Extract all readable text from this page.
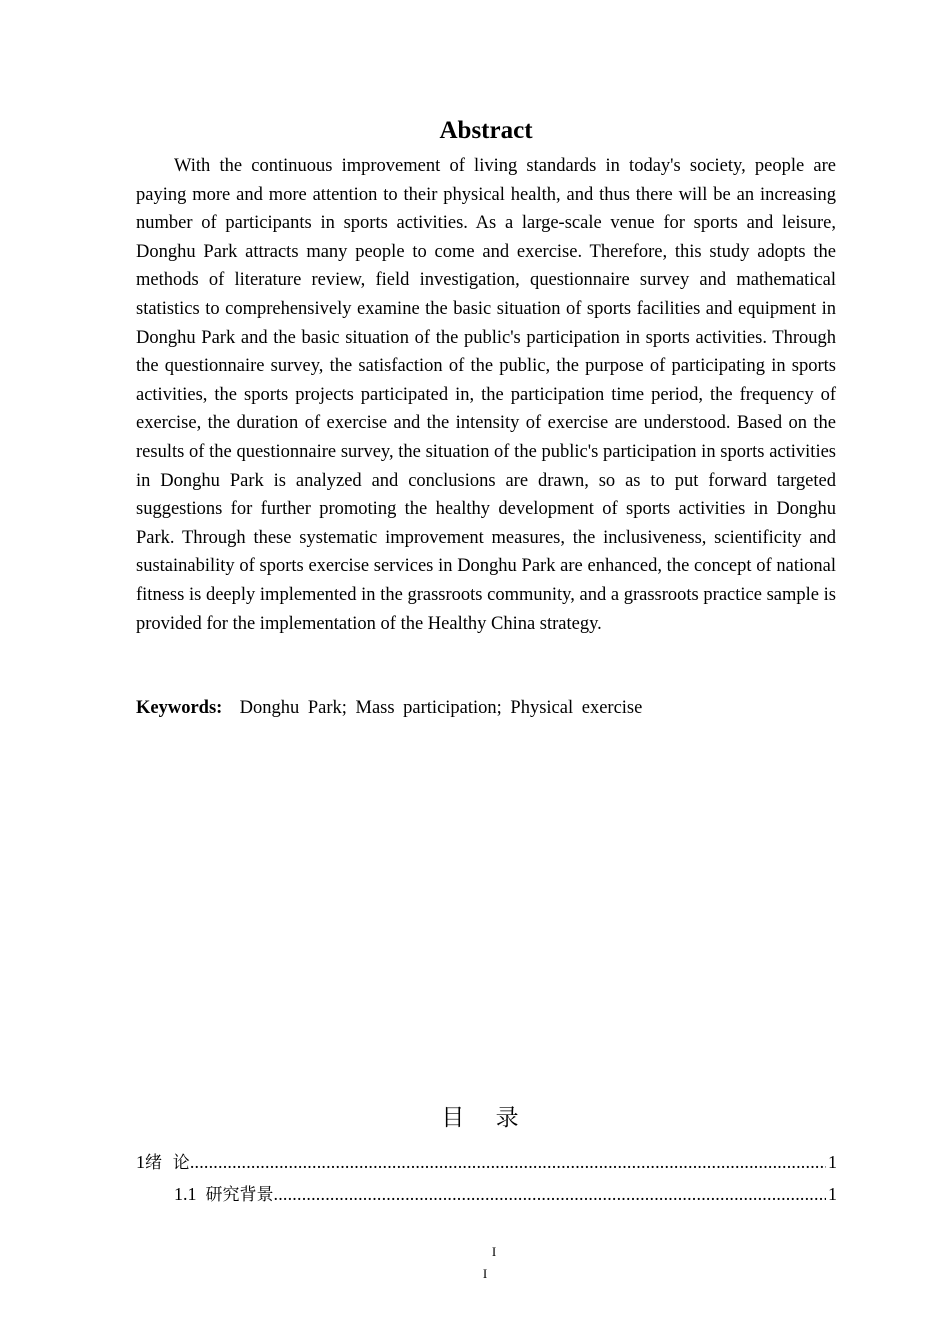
Abstract

With the continuous improvement of living standards in today's society, people are paying more and more attention to their physical health, and thus there will be an increasing number of participants in sports activities. As a large-scale venue for sports and leisure, Donghu Park attracts many people to come and exercise. Therefore, this study adopts the methods of literature review, field investigation, questionnaire survey and mathematical statistics to comprehensively examine the basic situation of sports facilities and equipment in Donghu Park and the basic situation of the public's participation in sports activities. Through the questionnaire survey, the satisfaction of the public, the purpose of participating in sports activities, the sports projects participated in, the participation time period, the frequency of exercise, the duration of exercise and the intensity of exercise are understood. Based on the results of the questionnaire survey, the situation of the public's participation in sports activities in Donghu Park is analyzed and conclusions are drawn, so as to put forward targeted suggestions for further promoting the healthy development of sports activities in Donghu Park. Through these systematic improvement measures, the inclusiveness, scientificity and sustainability of sports exercise services in Donghu Park are enhanced, the concept of national fitness is deeply implemented in the grassroots community, and a grassroots practice sample is provided for the implementation of the Healthy China strategy.

Keywords: Donghu Park; Mass participation; Physical exercise
目 录
1绪  论 .....	1
1.1 研究背景 .....	1
I
I
